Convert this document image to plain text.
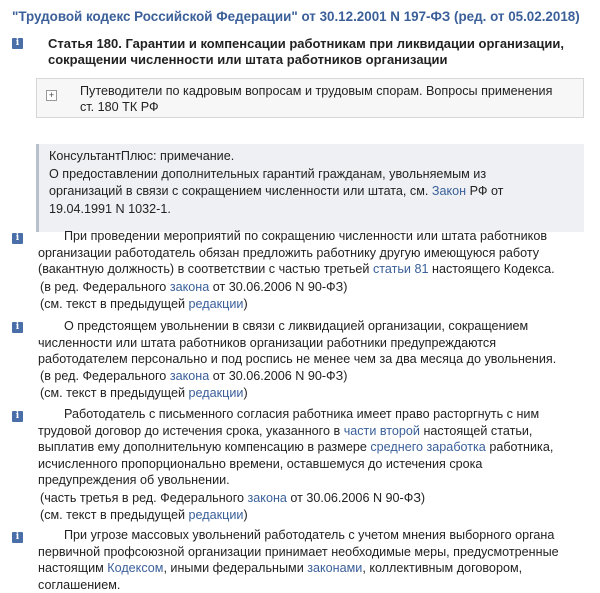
"Трудовой кодекс Российской Федерации" от 30.12.2001 N 197-ФЗ (ред. от 05.02.2018)
i Статья 180. Гарантии и компенсации работникам при ликвидации организации,
сокращении численности или штата работников организации
+ Путеводители по кадровым вопросам и трудовым спорам. Вопросы применения
ст. 180 ТК РФ
КонсультантПлюс: примечание.
О предоставлении дополнительных гарантий гражданам, увольняемым из
организаций в связи с сокращением численности или штата, см. Закон РФ от
19.04.1991 N 1032-1.
i	При проведении мероприятий по сокращению численности или штата работников
организации работодатель обязан предложить работнику другую имеющуюся работу
(вакантную должность) в соответствии с частью третьей статьи 81 настоящего Кодекса.
(в ред. Федерального закона от 30.06.2006 N 90-ФЗ)
(см. текст в предыдущей редакции)
i	О предстоящем увольнении в связи с ликвидацией организации, сокращением
численности или штата работников организации работники предупреждаются
работодателем персонально и под роспись не менее чем за два месяца до увольнения.
(в ред. Федерального закона от 30.06.2006 N 90-ФЗ)
(см. текст в предыдущей редакции)
i	Работодатель с письменного согласия работника имеет право расторгнуть с ним
трудовой договор до истечения срока, указанного в части второй настоящей статьи,
выплатив ему дополнительную компенсацию в размере среднего заработка работника,
исчисленного пропорционально времени, оставшемуся до истечения срока
предупреждения об увольнении.
(часть третья в ред. Федерального закона от 30.06.2006 N 90-ФЗ)
(см. текст в предыдущей редакции)
i	При угрозе массовых увольнений работодатель с учетом мнения выборного органа
первичной профсоюзной организации принимает необходимые меры, предусмотренные
настоящим Кодексом, иными федеральными законами, коллективным договором,
соглашением.
